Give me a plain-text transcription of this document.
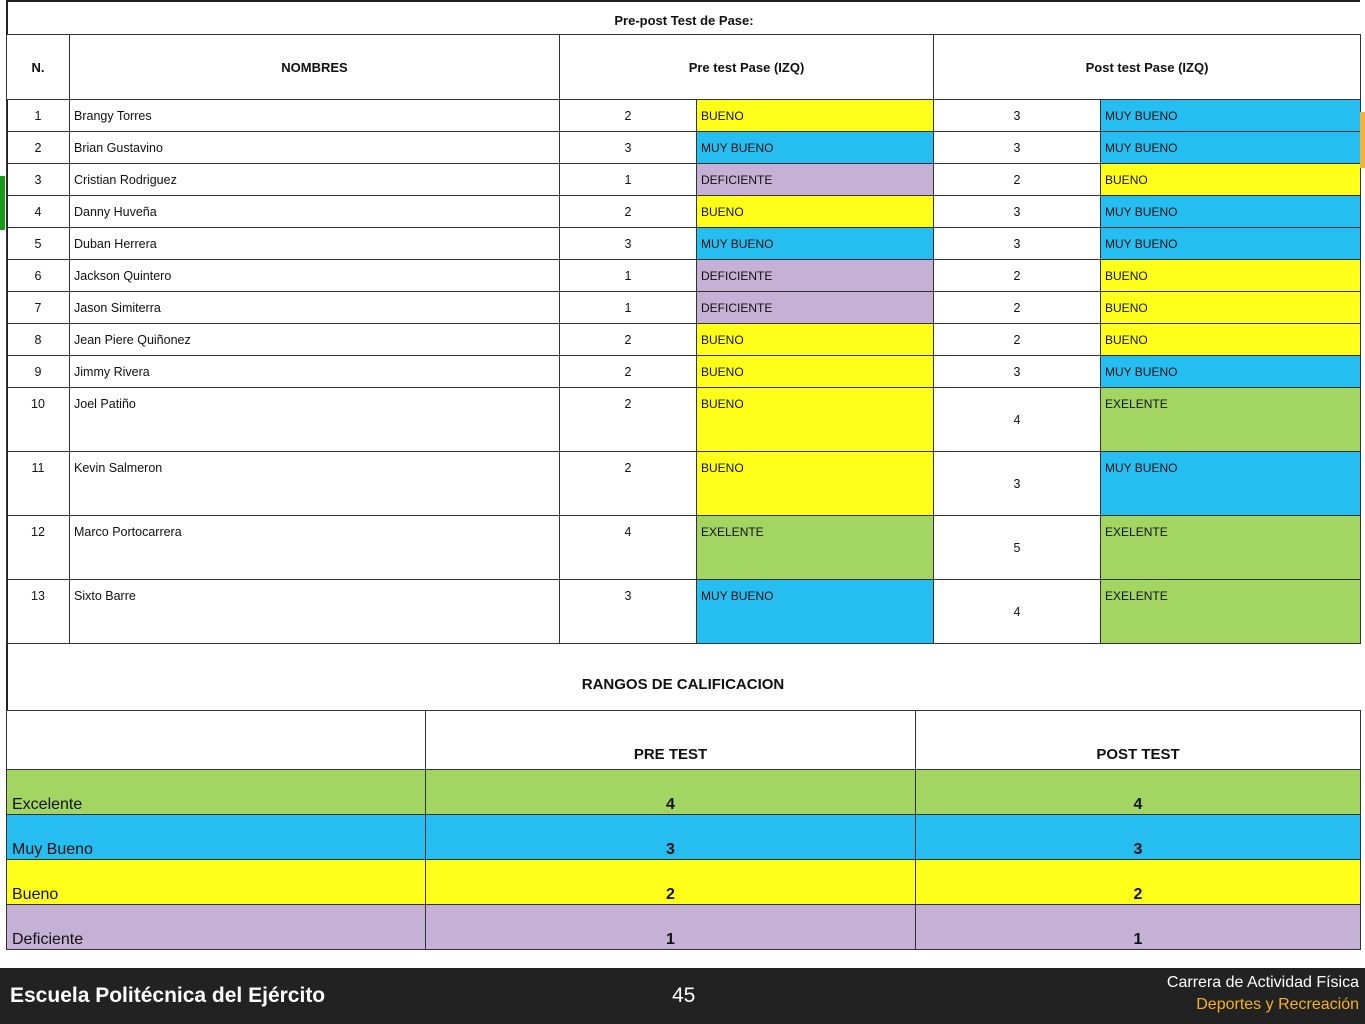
Pre-post Test de Pase:
N.	NOMBRES	Pre test Pase (IZQ)		Post test Pase (IZQ)	
1	Brangy Torres	2	BUENO	3	MUY BUENO
2	Brian Gustavino	3	MUY BUENO	3	MUY BUENO
3	Cristian Rodriguez	1	DEFICIENTE	2	BUENO
4	Danny Huveña	2	BUENO	3	MUY BUENO
5	Duban Herrera	3	MUY BUENO	3	MUY BUENO
6	Jackson Quintero	1	DEFICIENTE	2	BUENO
7	Jason Simiterra	1	DEFICIENTE	2	BUENO
8	Jean Piere Quiñonez	2	BUENO	2	BUENO
9	Jimmy Rivera	2	BUENO	3	MUY BUENO
10	Joel Patiño	2	BUENO	4	EXELENTE
11	Kevin Salmeron	2	BUENO	3	MUY BUENO
12	Marco Portocarrera	4	EXELENTE	5	EXELENTE
13	Sixto Barre	3	MUY BUENO	4	EXELENTE
RANGOS DE CALIFICACION
	PRE TEST	POST TEST
Excelente	4	4
Muy Bueno	3	3
Bueno	2	2
Deficiente	1	1
Escuela Politécnica del Ejército	45
Carrera de Actividad Física
Deportes y Recreación
